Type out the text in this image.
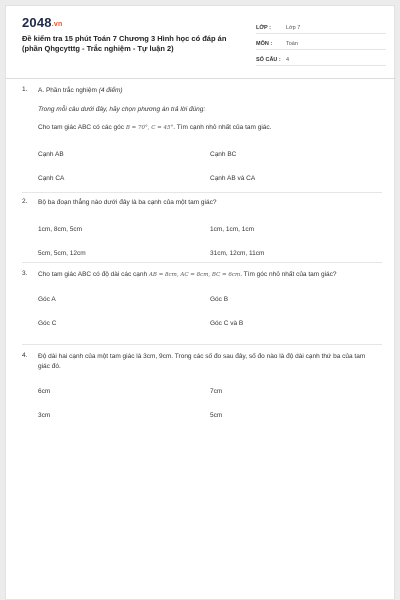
2048.vn
Đề kiểm tra 15 phút Toán 7 Chương 3 Hình học có đáp án (phần Qhgcytttg - Trắc nghiệm - Tự luận 2)
LỚP :	Lớp 7
MÔN :	Toán
SỐ CÂU : 4
1.	A. Phần trắc nghiệm (4 điểm)
Trong mỗi câu dưới đây, hãy chọn phương án trả lời đúng:
Cho tam giác ABC có các góc B = 70°, C = 45°. Tìm cạnh nhỏ nhất của tam giác.
Cạnh AB	Cạnh BC
Cạnh CA	Cạnh AB và CA
2.	Bộ ba đoạn thẳng nào dưới đây là ba cạnh của một tam giác?
1cm, 8cm, 5cm	1cm, 1cm, 1cm
5cm, 5cm, 12cm	31cm, 12cm, 11cm
3.	Cho tam giác ABC có độ dài các cạnh AB = 8cm, AC = 8cm, BC = 6cm. Tìm góc nhỏ nhất của tam giác?
Góc A	Góc B
Góc C	Góc C và B
4.	Độ dài hai cạnh của một tam giác là 3cm, 9cm. Trong các số đo sau đây, số đo nào là độ dài cạnh thứ ba của tam giác đó.
6cm	7cm
3cm	5cm
